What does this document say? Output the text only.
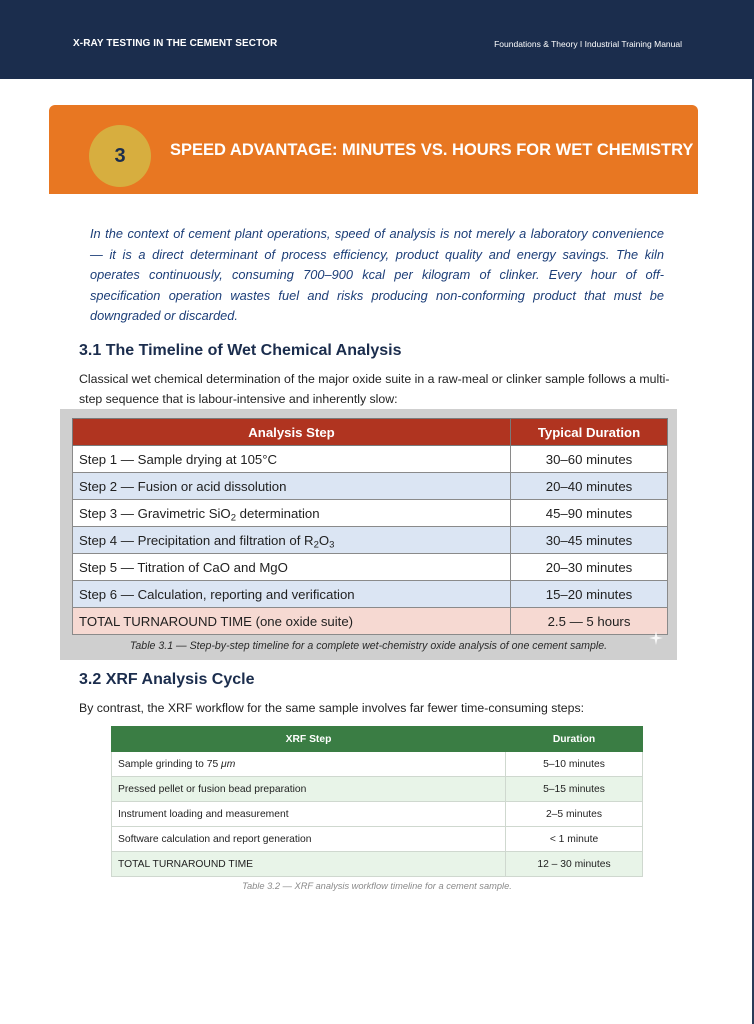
X-RAY TESTING IN THE CEMENT SECTOR	Foundations & Theory I Industrial Training Manual
3	SPEED ADVANTAGE: MINUTES VS. HOURS FOR WET CHEMISTRY
In the context of cement plant operations, speed of analysis is not merely a laboratory convenience — it is a direct determinant of process efficiency, product quality and energy savings. The kiln operates continuously, consuming 700–900 kcal per kilogram of clinker. Every hour of off-specification operation wastes fuel and risks producing non-conforming product that must be downgraded or discarded.
3.1 The Timeline of Wet Chemical Analysis
Classical wet chemical determination of the major oxide suite in a raw-meal or clinker sample follows a multi-step sequence that is labour-intensive and inherently slow:
Analysis Step	Typical Duration
Step 1 — Sample drying at 105°C	30–60 minutes
Step 2 — Fusion or acid dissolution	20–40 minutes
Step 3 — Gravimetric SiO$_2$ determination	45–90 minutes
Step 4 — Precipitation and filtration of $R_2O_3$	30–45 minutes
Step 5 — Titration of CaO and MgO	20–30 minutes
Step 6 — Calculation, reporting and verification	15–20 minutes
TOTAL TURNAROUND TIME (one oxide suite)	2.5 — 5 hours
Table 3.1 — Step-by-step timeline for a complete wet-chemistry oxide analysis of one cement sample.
3.2 XRF Analysis Cycle
By contrast, the XRF workflow for the same sample involves far fewer time-consuming steps:
XRF Step	Duration
Sample grinding to 75 μm	5–10 minutes
Pressed pellet or fusion bead preparation	5–15 minutes
Instrument loading and measurement	2–5 minutes
Software calculation and report generation	< 1 minute
TOTAL TURNAROUND TIME	12 – 30 minutes
Table 3.2 — XRF analysis workflow timeline for a cement sample.
